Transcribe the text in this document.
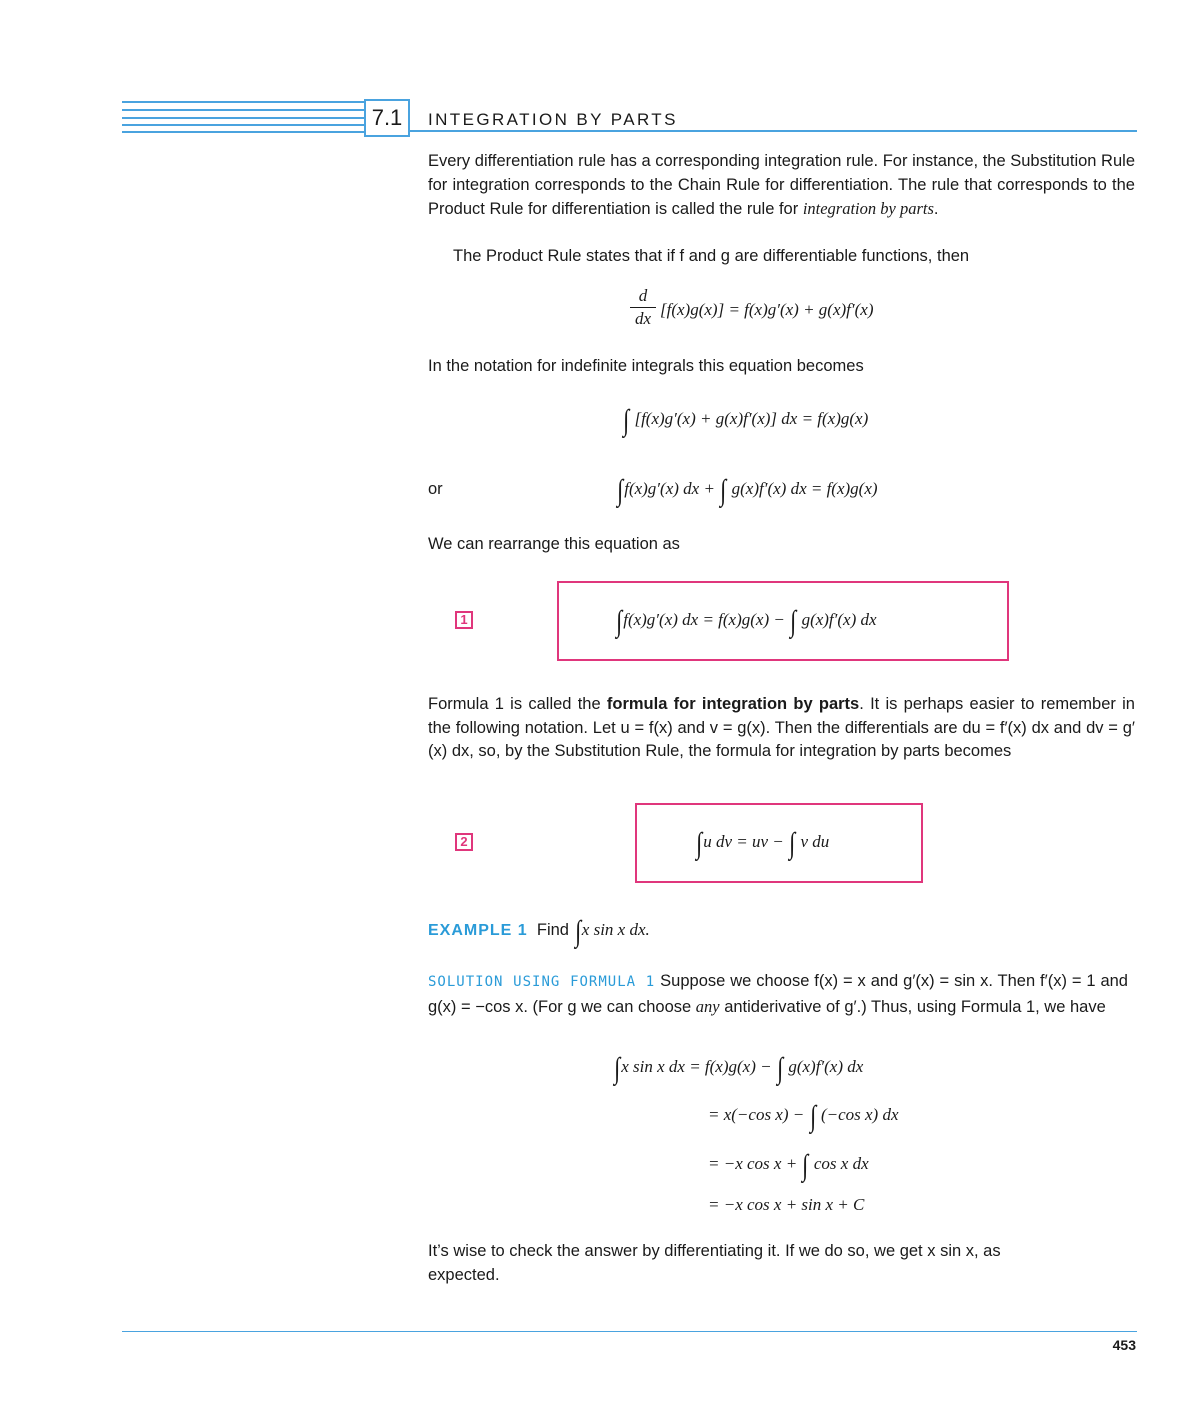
7.1	INTEGRATION BY PARTS
Every differentiation rule has a corresponding integration rule. For instance, the Substitution Rule for integration corresponds to the Chain Rule for differentiation. The rule that corresponds to the Product Rule for differentiation is called the rule for integration by parts.
The Product Rule states that if f and g are differentiable functions, then
d
dx [f(x)g(x)] = f(x)g′(x) + g(x)f′(x)
In the notation for indefinite integrals this equation becomes
∫ [f(x)g′(x) + g(x)f′(x)] dx = f(x)g(x)
or	∫f(x)g′(x) dx + ∫ g(x)f′(x) dx = f(x)g(x)
We can rearrange this equation as
1	∫f(x)g′(x) dx = f(x)g(x) − ∫ g(x)f′(x) dx
Formula 1 is called the formula for integration by parts. It is perhaps easier to remember in the following notation. Let u = f(x) and v = g(x). Then the differentials are du = f′(x) dx and dv = g′(x) dx, so, by the Substitution Rule, the formula for integration by parts becomes
2	∫u dv = uv − ∫ v du
EXAMPLE 1 Find ∫x sin x dx.
SOLUTION USING FORMULA 1 Suppose we choose f(x) = x and g′(x) = sin x. Then f′(x) = 1 and g(x) = −cos x. (For g we can choose any antiderivative of g′.) Thus, using Formula 1, we have
∫x sin x dx = f(x)g(x) − ∫ g(x)f′(x) dx
= x(−cos x) − ∫ (−cos x) dx
= −x cos x + ∫ cos x dx
= −x cos x + sin x + C
It’s wise to check the answer by differentiating it. If we do so, we get x sin x, as expected.
453
